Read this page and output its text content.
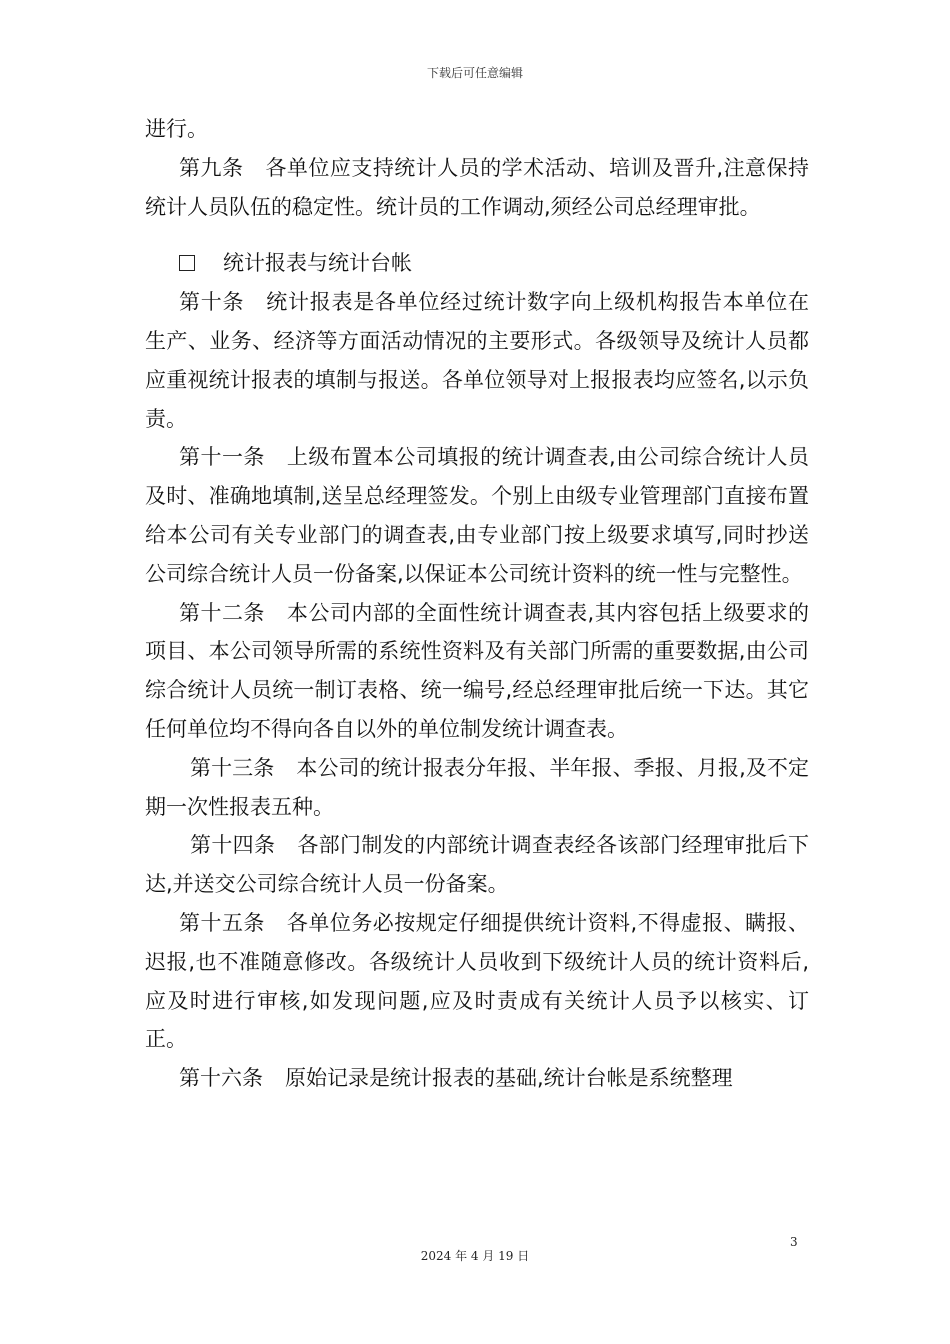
下载后可任意编辑

进行。

第九条 各单位应支持统计人员的学术活动、培训及晋升,注意保持统计人员队伍的稳定性。统计员的工作调动,须经公司总经理审批。

统计报表与统计台帐

第十条 统计报表是各单位经过统计数字向上级机构报告本单位在生产、业务、经济等方面活动情况的主要形式。各级领导及统计人员都应重视统计报表的填制与报送。各单位领导对上报报表均应签名,以示负责。

第十一条 上级布置本公司填报的统计调查表,由公司综合统计人员及时、准确地填制,送呈总经理签发。个别上由级专业管理部门直接布置给本公司有关专业部门的调查表,由专业部门按上级要求填写,同时抄送公司综合统计人员一份备案,以保证本公司统计资料的统一性与完整性。

第十二条 本公司内部的全面性统计调查表,其内容包括上级要求的项目、本公司领导所需的系统性资料及有关部门所需的重要数据,由公司综合统计人员统一制订表格、统一编号,经总经理审批后统一下达。其它任何单位均不得向各自以外的单位制发统计调查表。

第十三条 本公司的统计报表分年报、半年报、季报、月报,及不定期一次性报表五种。

第十四条 各部门制发的内部统计调查表经各该部门经理审批后下达,并送交公司综合统计人员一份备案。

第十五条 各单位务必按规定仔细提供统计资料,不得虚报、瞒报、迟报,也不准随意修改。各级统计人员收到下级统计人员的统计资料后,应及时进行审核,如发现问题,应及时责成有关统计人员予以核实、订正。

第十六条 原始记录是统计报表的基础,统计台帐是系统整理

3
2024 年 4 月 19 日
